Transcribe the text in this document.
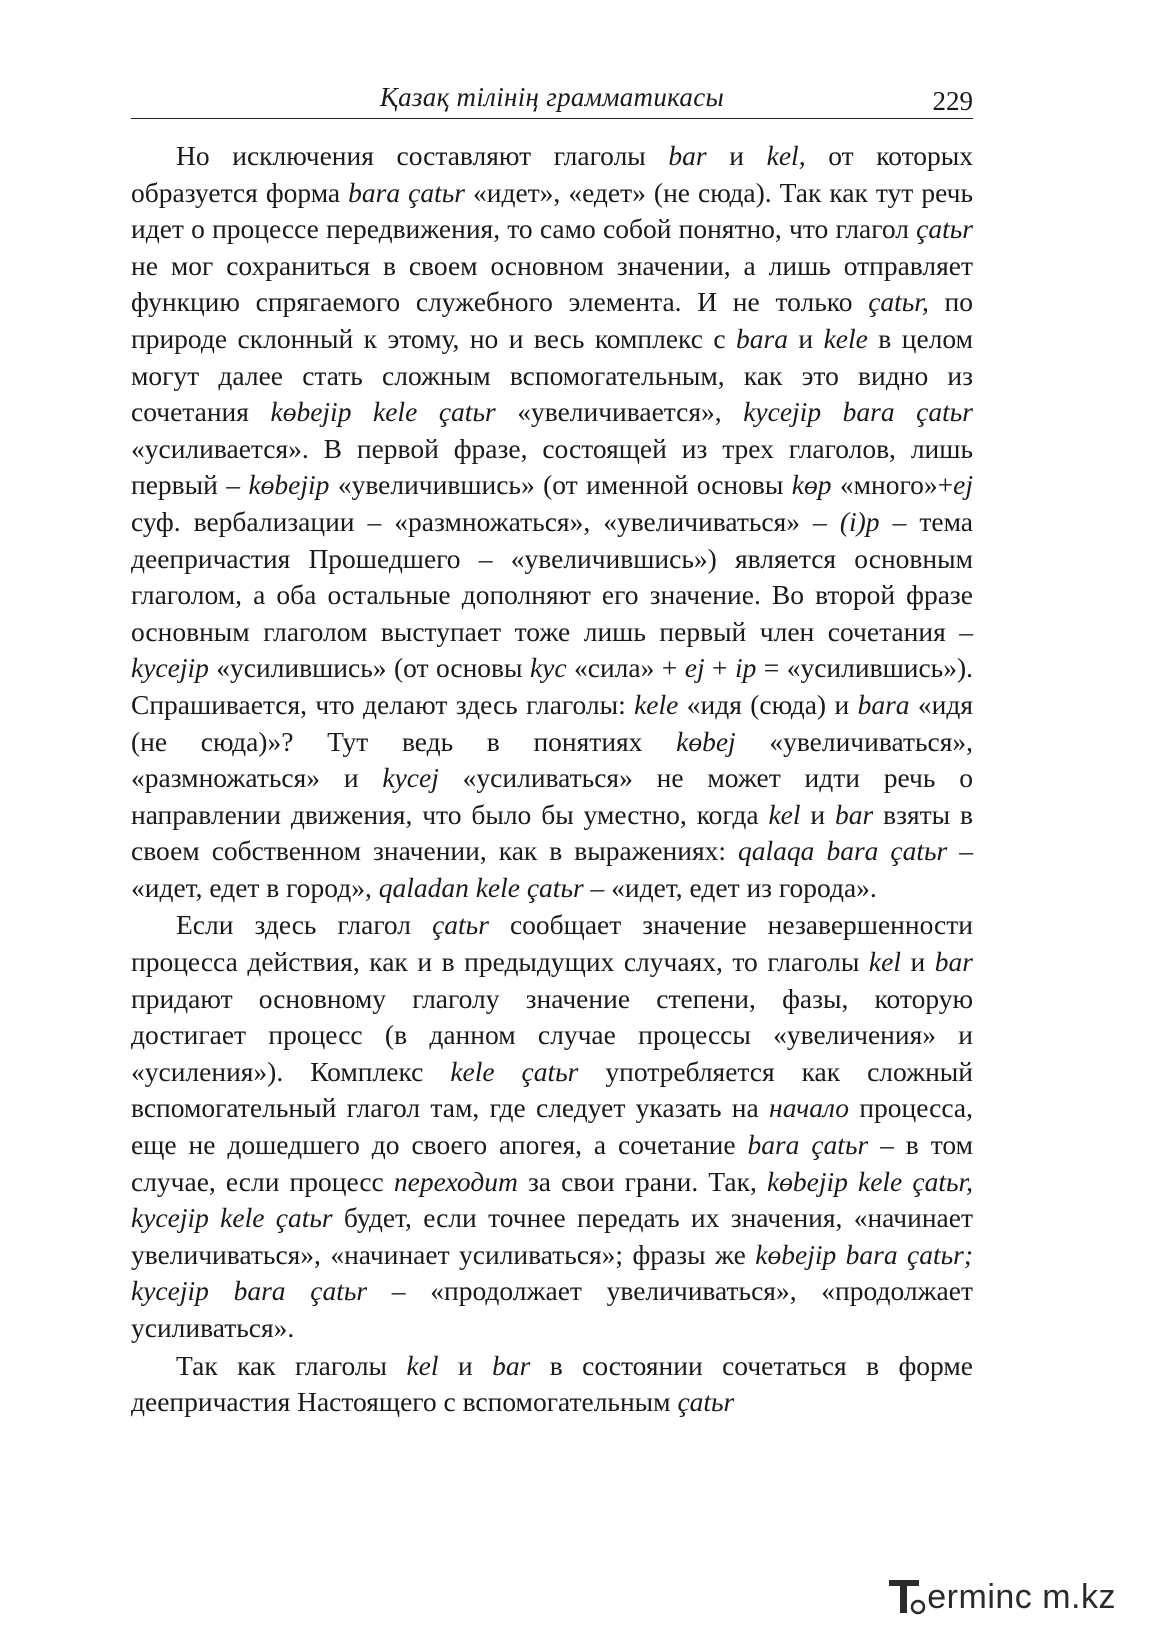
Қазақ тілінің грамматикасы	229

Но исключения составляют глаголы bar и kel, от которых образуется форма bara çatьr «идет», «едет» (не сюда). Так как тут речь идет о процессе передвижения, то само собой понятно, что глагол çatьr не мог сохраниться в своем основном значении, а лишь отправляет функцию спрягаемого служебного элемента. И не только çatьr, по природе склонный к этому, но и весь комплекс с bara и kele в целом могут далее стать сложным вспомогательным, как это видно из сочетания kөbejip kele çatьr «увеличивается», kycejip bara çatьr «усиливается». В первой фразе, состоящей из трех глаголов, лишь первый – kөbejip «увеличившись» (от именной основы kөp «много»+ej суф. вербализации – «размножаться», «увеличиваться» – (i)p – тема деепричастия Прошедшего – «увеличившись») является основным глаголом, а оба остальные дополняют его значение. Во второй фразе основным глаголом выступает тоже лишь первый член сочетания – kycejip «усилившись» (от основы kyc «сила» + ej + ip = «усилившись»). Спрашивается, что делают здесь глаголы: kele «идя (сюда) и bara «идя (не сюда)»? Тут ведь в понятиях kөbej «увеличиваться», «размножаться» и kycej «усиливаться» не может идти речь о направлении движения, что было бы уместно, когда kel и bar взяты в своем собственном значении, как в выражениях: qalaqa bara çatьr – «идет, едет в город», qaladan kele çatьr – «идет, едет из города».

Если здесь глагол çatьr сообщает значение незавершенности процесса действия, как и в предыдущих случаях, то глаголы kel и bar придают основному глаголу значение степени, фазы, которую достигает процесс (в данном случае процессы «увеличения» и «усиления»). Комплекс kele çatьr употребляется как сложный вспомогательный глагол там, где следует указать на начало процесса, еще не дошедшего до своего апогея, а сочетание bara çatьr – в том случае, если процесс переходит за свои грани. Так, kөbejip kele çatьr, kycejip kele çatьr будет, если точнее передать их значения, «начинает увеличиваться», «начинает усиливаться»; фразы же kөbejip bara çatьr; kycejip bara çatьr – «продолжает увеличиваться», «продолжает усиливаться».

Так как глаголы kel и bar в состоянии сочетаться в форме деепричастия Настоящего с вспомогательным çatьr

erminc m.kz
